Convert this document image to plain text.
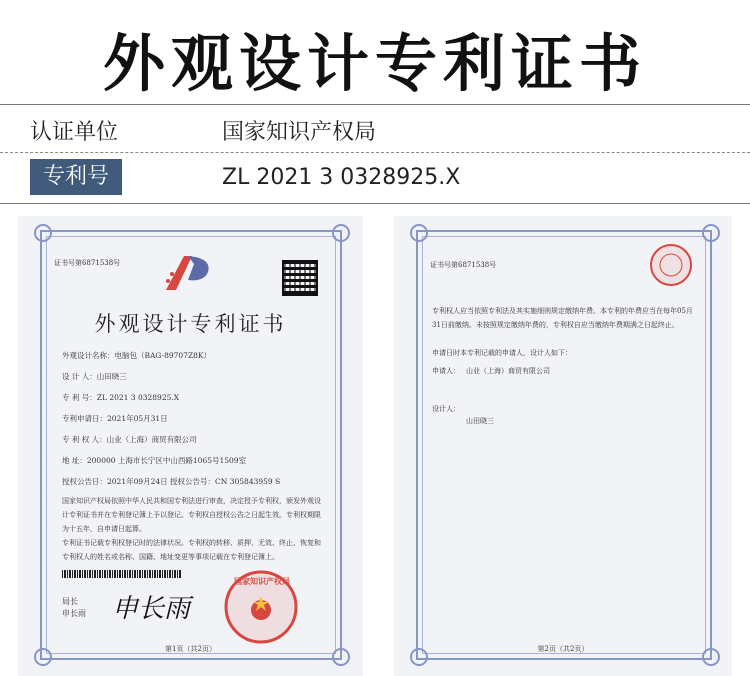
外观设计专利证书
认证单位	国家知识产权局
专利号	ZL 2021 3 0328925.X
证书号第6871538号
外观设计专利证书
外观设计名称：电脑包（BAG-89707Z8K）
设 计 人：山田晓三
专 利 号：ZL 2021 3 0328925.X
专利申请日：2021年05月31日
专 利 权 人：山业（上海）商贸有限公司
地 址：200000 上海市长宁区中山西路1065号1509室
授权公告日：2021年09月24日 授权公告号：CN 305843959 S
国家知识产权局依照中华人民共和国专利法进行审查，决定授予专利权，颁发外观设计专利证书并在专利登记簿上予以登记。专利权自授权公告之日起生效。专利权期限为十五年，自申请日起算。
专利证书记载专利权登记时的法律状况。专利权的转移、质押、无效、终止、恢复和专利权人的姓名或名称、国籍、地址变更等事项记载在专利登记簿上。
局长
申长雨 申长雨
国家知识产权局
第1页（共2页）
证书号第6871538号
专利权人应当依照专利法及其实施细则规定缴纳年费。本专利的年费应当在每年05月31日前缴纳。未按照规定缴纳年费的，专利权自应当缴纳年费期满之日起终止。
申请日时本专利记载的申请人，设计人如下：
申请人： 山业（上海）商贸有限公司
设计人：
山田晓三
第2页（共2页）
